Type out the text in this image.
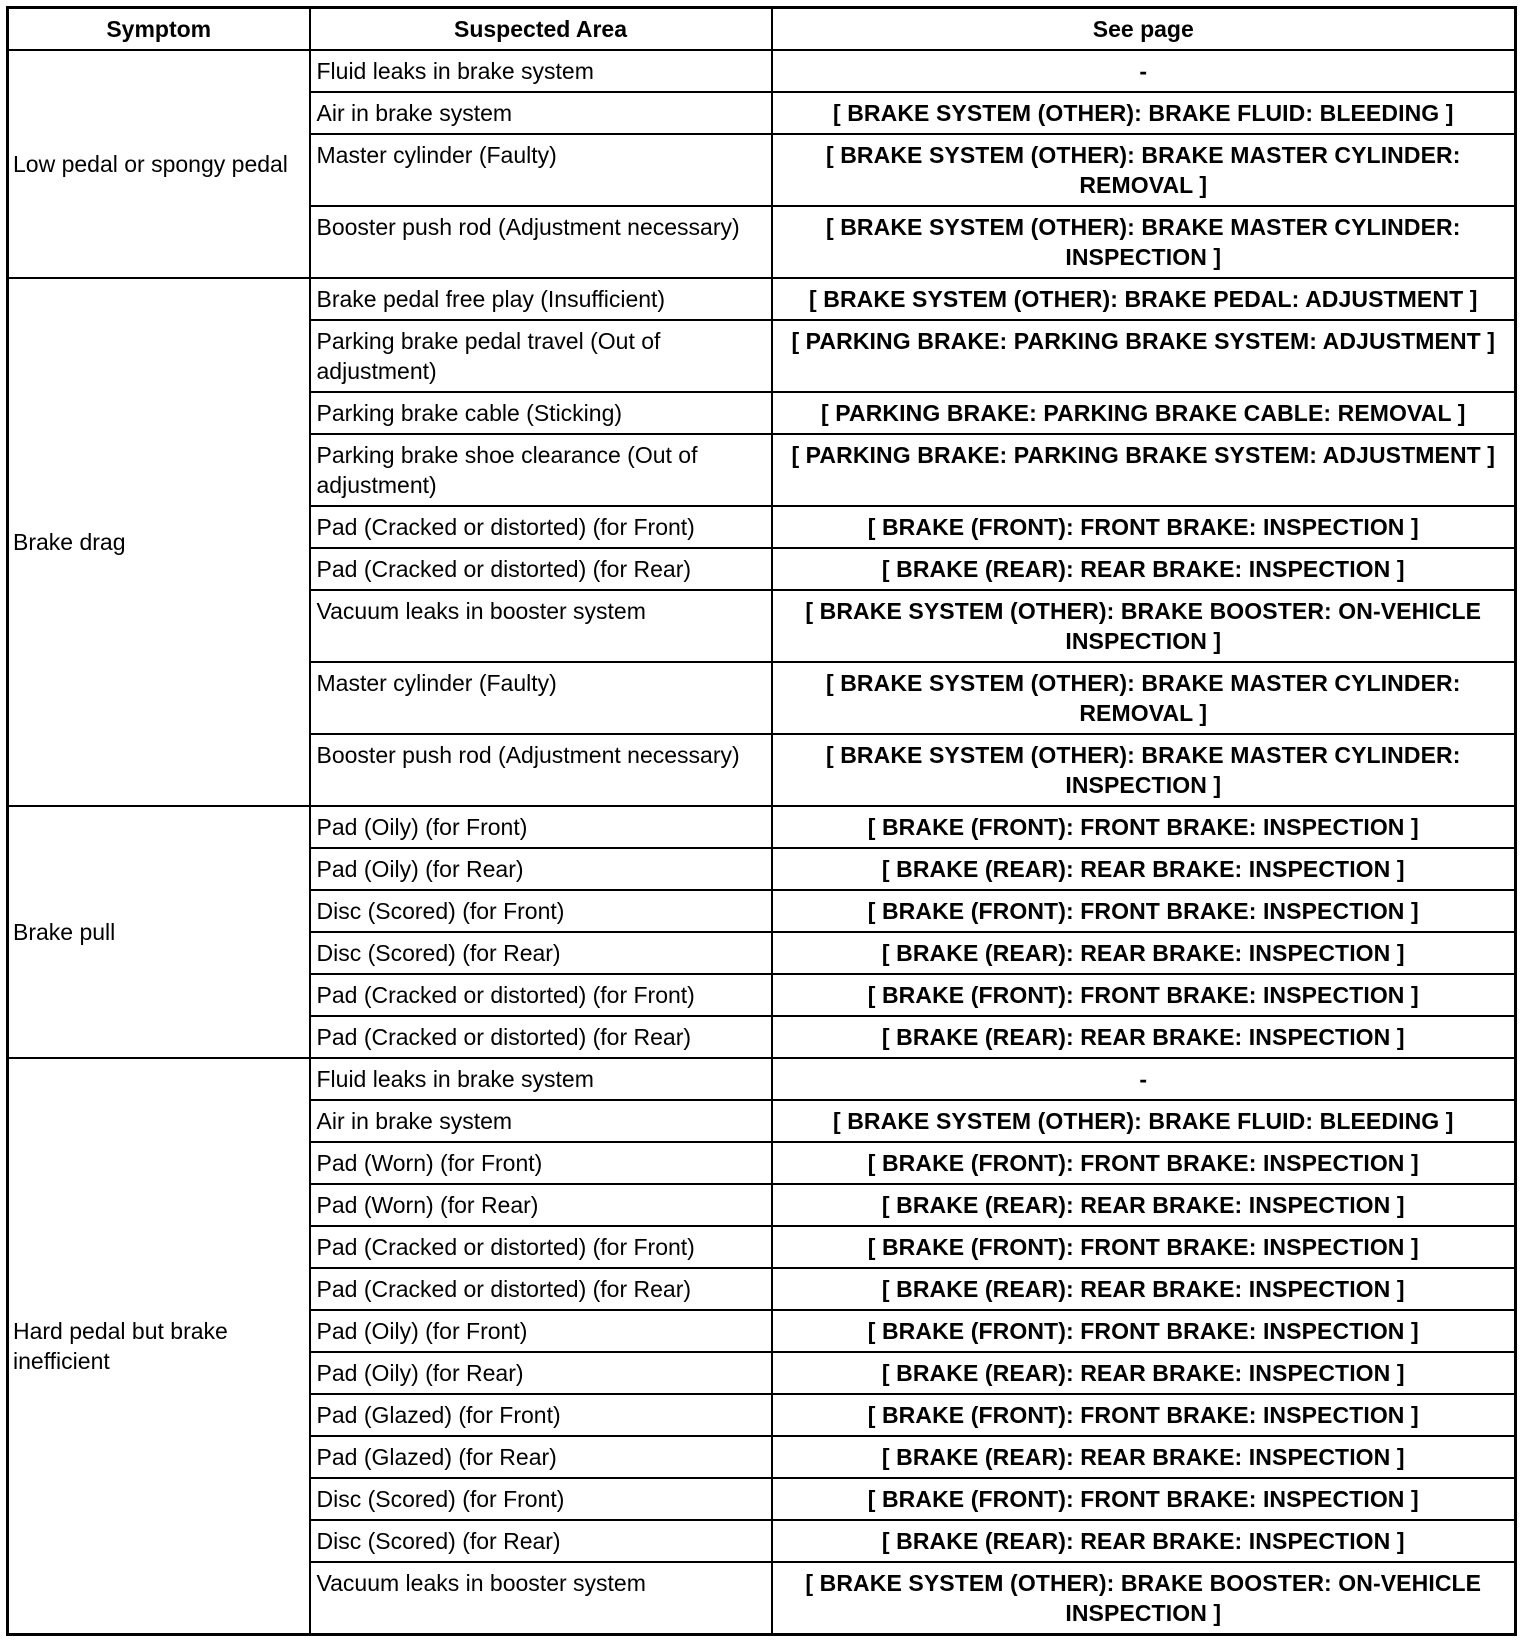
Symptom	Suspected Area	See page
Low pedal or spongy pedal	Fluid leaks in brake system	-
	Air in brake system	[ BRAKE SYSTEM (OTHER): BRAKE FLUID: BLEEDING ]
	Master cylinder (Faulty)	[ BRAKE SYSTEM (OTHER): BRAKE MASTER CYLINDER: REMOVAL ]
	Booster push rod (Adjustment necessary)	[ BRAKE SYSTEM (OTHER): BRAKE MASTER CYLINDER: INSPECTION ]
Brake drag	Brake pedal free play (Insufficient)	[ BRAKE SYSTEM (OTHER): BRAKE PEDAL: ADJUSTMENT ]
	Parking brake pedal travel (Out of adjustment)	[ PARKING BRAKE: PARKING BRAKE SYSTEM: ADJUSTMENT ]
	Parking brake cable (Sticking)	[ PARKING BRAKE: PARKING BRAKE CABLE: REMOVAL ]
	Parking brake shoe clearance (Out of adjustment)	[ PARKING BRAKE: PARKING BRAKE SYSTEM: ADJUSTMENT ]
	Pad (Cracked or distorted) (for Front)	[ BRAKE (FRONT): FRONT BRAKE: INSPECTION ]
	Pad (Cracked or distorted) (for Rear)	[ BRAKE (REAR): REAR BRAKE: INSPECTION ]
	Vacuum leaks in booster system	[ BRAKE SYSTEM (OTHER): BRAKE BOOSTER: ON-VEHICLE INSPECTION ]
	Master cylinder (Faulty)	[ BRAKE SYSTEM (OTHER): BRAKE MASTER CYLINDER: REMOVAL ]
	Booster push rod (Adjustment necessary)	[ BRAKE SYSTEM (OTHER): BRAKE MASTER CYLINDER: INSPECTION ]
Brake pull	Pad (Oily) (for Front)	[ BRAKE (FRONT): FRONT BRAKE: INSPECTION ]
	Pad (Oily) (for Rear)	[ BRAKE (REAR): REAR BRAKE: INSPECTION ]
	Disc (Scored) (for Front)	[ BRAKE (FRONT): FRONT BRAKE: INSPECTION ]
	Disc (Scored) (for Rear)	[ BRAKE (REAR): REAR BRAKE: INSPECTION ]
	Pad (Cracked or distorted) (for Front)	[ BRAKE (FRONT): FRONT BRAKE: INSPECTION ]
	Pad (Cracked or distorted) (for Rear)	[ BRAKE (REAR): REAR BRAKE: INSPECTION ]
Hard pedal but brake inefficient	Fluid leaks in brake system	-
	Air in brake system	[ BRAKE SYSTEM (OTHER): BRAKE FLUID: BLEEDING ]
	Pad (Worn) (for Front)	[ BRAKE (FRONT): FRONT BRAKE: INSPECTION ]
	Pad (Worn) (for Rear)	[ BRAKE (REAR): REAR BRAKE: INSPECTION ]
	Pad (Cracked or distorted) (for Front)	[ BRAKE (FRONT): FRONT BRAKE: INSPECTION ]
	Pad (Cracked or distorted) (for Rear)	[ BRAKE (REAR): REAR BRAKE: INSPECTION ]
	Pad (Oily) (for Front)	[ BRAKE (FRONT): FRONT BRAKE: INSPECTION ]
	Pad (Oily) (for Rear)	[ BRAKE (REAR): REAR BRAKE: INSPECTION ]
	Pad (Glazed) (for Front)	[ BRAKE (FRONT): FRONT BRAKE: INSPECTION ]
	Pad (Glazed) (for Rear)	[ BRAKE (REAR): REAR BRAKE: INSPECTION ]
	Disc (Scored) (for Front)	[ BRAKE (FRONT): FRONT BRAKE: INSPECTION ]
	Disc (Scored) (for Rear)	[ BRAKE (REAR): REAR BRAKE: INSPECTION ]
	Vacuum leaks in booster system	[ BRAKE SYSTEM (OTHER): BRAKE BOOSTER: ON-VEHICLE INSPECTION ]
